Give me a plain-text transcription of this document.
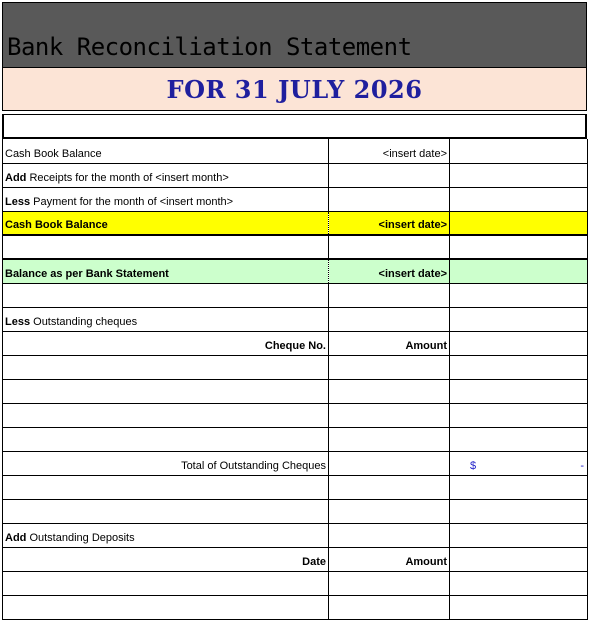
Bank Reconciliation Statement
FOR 31 JULY 2026
Cash Book Balance	<insert date>	
Add Receipts for the month of <insert month>		
Less Payment for the month of <insert month>		
Cash Book Balance	<insert date>	

Balance as per Bank Statement	<insert date>	

Less Outstanding cheques		
Cheque No.	Amount	

Total of Outstanding Cheques		$ -

Add Outstanding Deposits		
Date	Amount	
